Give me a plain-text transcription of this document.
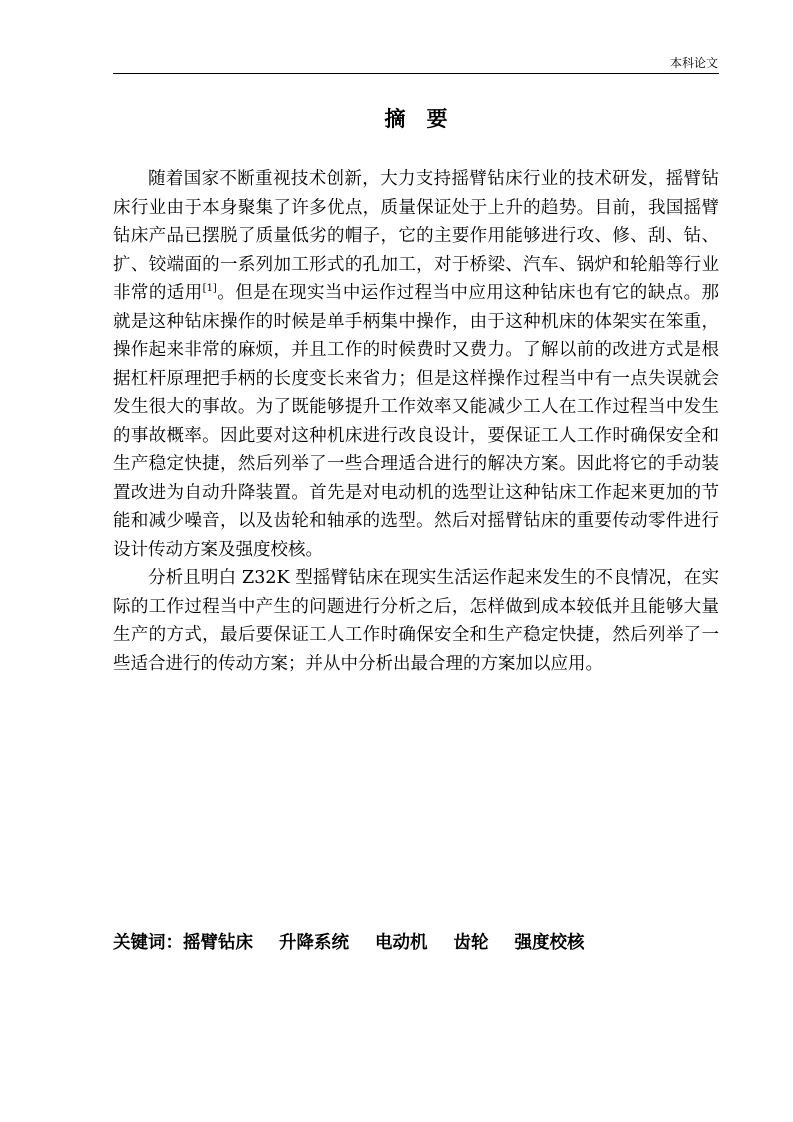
本科论文
摘　要

随着国家不断重视技术创新，大力支持摇臂钻床行业的技术研发，摇臂钻床行业由于本身聚集了许多优点，质量保证处于上升的趋势。目前，我国摇臂钻床产品已摆脱了质量低劣的帽子，它的主要作用能够进行攻、修、刮、钻、扩、铰端面的一系列加工形式的孔加工，对于桥梁、汽车、锅炉和轮船等行业非常的适用[1]。但是在现实当中运作过程当中应用这种钻床也有它的缺点。那就是这种钻床操作的时候是单手柄集中操作，由于这种机床的体架实在笨重，操作起来非常的麻烦，并且工作的时候费时又费力。了解以前的改进方式是根据杠杆原理把手柄的长度变长来省力；但是这样操作过程当中有一点失误就会发生很大的事故。为了既能够提升工作效率又能减少工人在工作过程当中发生的事故概率。因此要对这种机床进行改良设计，要保证工人工作时确保安全和生产稳定快捷，然后列举了一些合理适合进行的解决方案。因此将它的手动装置改进为自动升降装置。首先是对电动机的选型让这种钻床工作起来更加的节能和减少噪音，以及齿轮和轴承的选型。然后对摇臂钻床的重要传动零件进行设计传动方案及强度校核。

分析且明白 Z32K 型摇臂钻床在现实生活运作起来发生的不良情况，在实际的工作过程当中产生的问题进行分析之后，怎样做到成本较低并且能够大量生产的方式，最后要保证工人工作时确保安全和生产稳定快捷，然后列举了一些适合进行的传动方案；并从中分析出最合理的方案加以应用。

关键词：摇臂钻床 升降系统 电动机 齿轮 强度校核
